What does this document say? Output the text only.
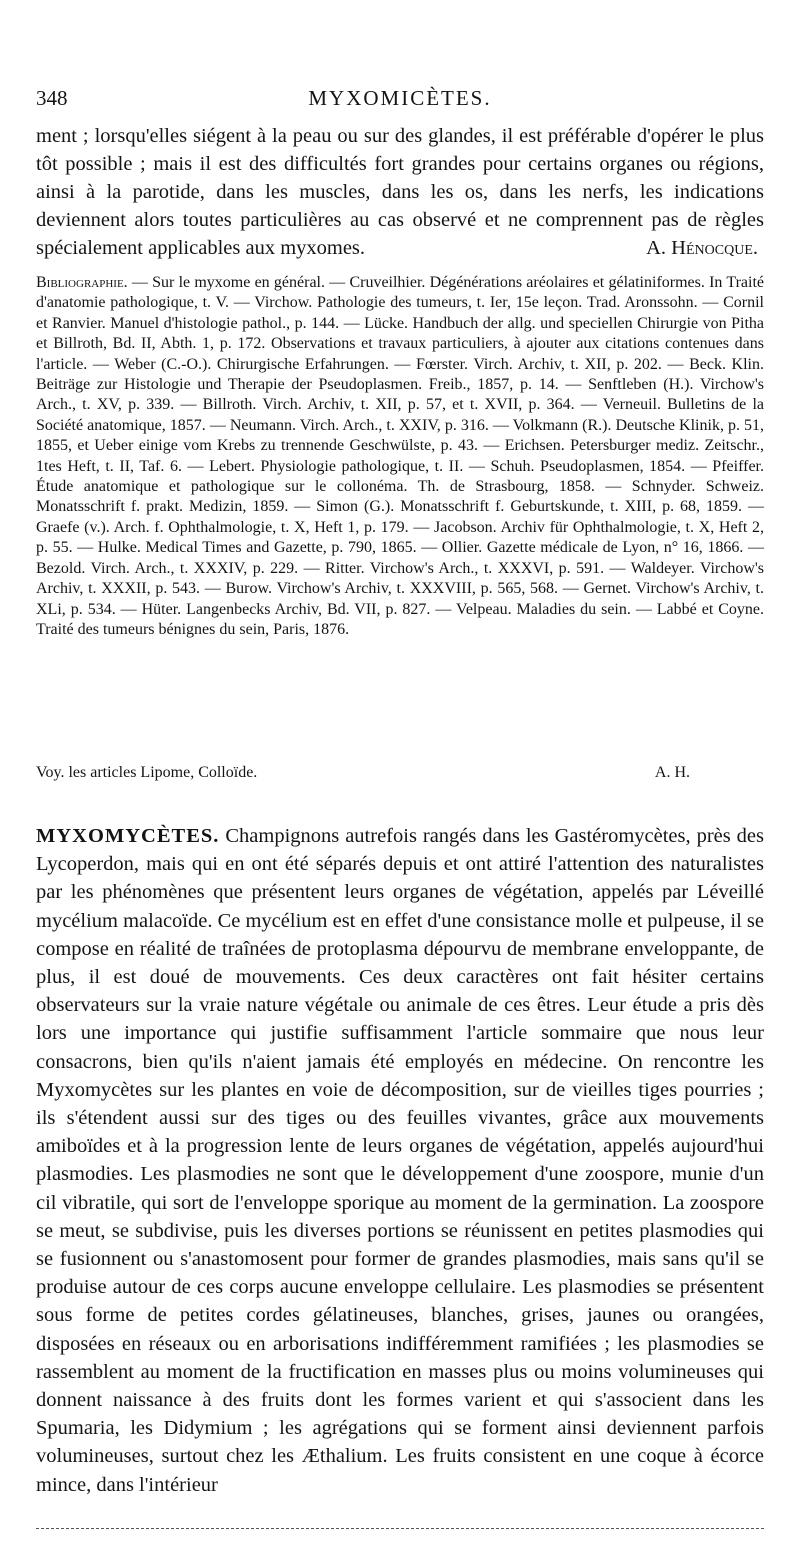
348	MYXOMICÈTES.
ment ; lorsqu'elles siégent à la peau ou sur des glandes, il est préférable d'opérer le plus tôt possible ; mais il est des difficultés fort grandes pour certains organes ou régions, ainsi à la parotide, dans les muscles, dans les os, dans les nerfs, les indications deviennent alors toutes particulières au cas observé et ne comprennent pas de règles spécialement applicables aux myxomes.	A. Hénocque.
Bibliographie. — Sur le myxome en général. — Cruveilhier. Dégénérations aréolaires et gélatiniformes. In Traité d'anatomie pathologique, t. V. — Virchow. Pathologie des tumeurs, t. Ier, 15e leçon. Trad. Aronssohn. — Cornil et Ranvier. Manuel d'histologie pathol., p. 144. — Lücke. Handbuch der allg. und speciellen Chirurgie von Pitha et Billroth, Bd. II, Abth. 1, p. 172. Observations et travaux particuliers, à ajouter aux citations contenues dans l'article. — Weber (C.-O.). Chirurgische Erfahrungen. — Fœrster. Virch. Archiv, t. XII, p. 202. — Beck. Klin. Beiträge zur Histologie und Therapie der Pseudoplasmen. Freib., 1857, p. 14. — Senftleben (H.). Virchow's Arch., t. XV, p. 339. — Billroth. Virch. Archiv, t. XII, p. 57, et t. XVII, p. 364. — Verneuil. Bulletins de la Société anatomique, 1857. — Neumann. Virch. Arch., t. XXIV, p. 316. — Volkmann (R.). Deutsche Klinik, p. 51, 1855, et Ueber einige vom Krebs zu trennende Geschwülste, p. 43. — Erichsen. Petersburger mediz. Zeitschr., 1tes Heft, t. II, Taf. 6. — Lebert. Physiologie pathologique, t. II. — Schuh. Pseudoplasmen, 1854. — Pfeiffer. Étude anatomique et pathologique sur le collonéma. Th. de Strasbourg, 1858. — Schnyder. Schweiz. Monatsschrift f. prakt. Medizin, 1859. — Simon (G.). Monatsschrift f. Geburtskunde, t. XIII, p. 68, 1859. — Graefe (v.). Arch. f. Ophthalmologie, t. X, Heft 1, p. 179. — Jacobson. Archiv für Ophthalmologie, t. X, Heft 2, p. 55. — Hulke. Medical Times and Gazette, p. 790, 1865. — Ollier. Gazette médicale de Lyon, n° 16, 1866. — Bezold. Virch. Arch., t. XXXIV, p. 229. — Ritter. Virchow's Arch., t. XXXVI, p. 591. — Waldeyer. Virchow's Archiv, t. XXXII, p. 543. — Burow. Virchow's Archiv, t. XXXVIII, p. 565, 568. — Gernet. Virchow's Archiv, t. XLi, p. 534. — Hüter. Langenbecks Archiv, Bd. VII, p. 827. — Velpeau. Maladies du sein. — Labbé et Coyne. Traité des tumeurs bénignes du sein, Paris, 1876.
Voy. les articles Lipome, Colloïde.	A. H.
MYXOMYCÈTES. Champignons autrefois rangés dans les Gastéromycètes, près des Lycoperdon, mais qui en ont été séparés depuis et ont attiré l'attention des naturalistes par les phénomènes que présentent leurs organes de végétation, appelés par Léveillé mycélium malacoïde. Ce mycélium est en effet d'une consistance molle et pulpeuse, il se compose en réalité de traînées de protoplasma dépourvu de membrane enveloppante, de plus, il est doué de mouvements. Ces deux caractères ont fait hésiter certains observateurs sur la vraie nature végétale ou animale de ces êtres. Leur étude a pris dès lors une importance qui justifie suffisamment l'article sommaire que nous leur consacrons, bien qu'ils n'aient jamais été employés en médecine. On rencontre les Myxomycètes sur les plantes en voie de décomposition, sur de vieilles tiges pourries ; ils s'étendent aussi sur des tiges ou des feuilles vivantes, grâce aux mouvements amiboïdes et à la progression lente de leurs organes de végétation, appelés aujourd'hui plasmodies. Les plasmodies ne sont que le développement d'une zoospore, munie d'un cil vibratile, qui sort de l'enveloppe sporique au moment de la germination. La zoospore se meut, se subdivise, puis les diverses portions se réunissent en petites plasmodies qui se fusionnent ou s'anastomosent pour former de grandes plasmodies, mais sans qu'il se produise autour de ces corps aucune enveloppe cellulaire. Les plasmodies se présentent sous forme de petites cordes gélatineuses, blanches, grises, jaunes ou orangées, disposées en réseaux ou en arborisations indifféremment ramifiées ; les plasmodies se rassemblent au moment de la fructification en masses plus ou moins volumineuses qui donnent naissance à des fruits dont les formes varient et qui s'associent dans les Spumaria, les Didymium ; les agrégations qui se forment ainsi deviennent parfois volumineuses, surtout chez les Æthalium. Les fruits consistent en une coque à écorce mince, dans l'intérieur
